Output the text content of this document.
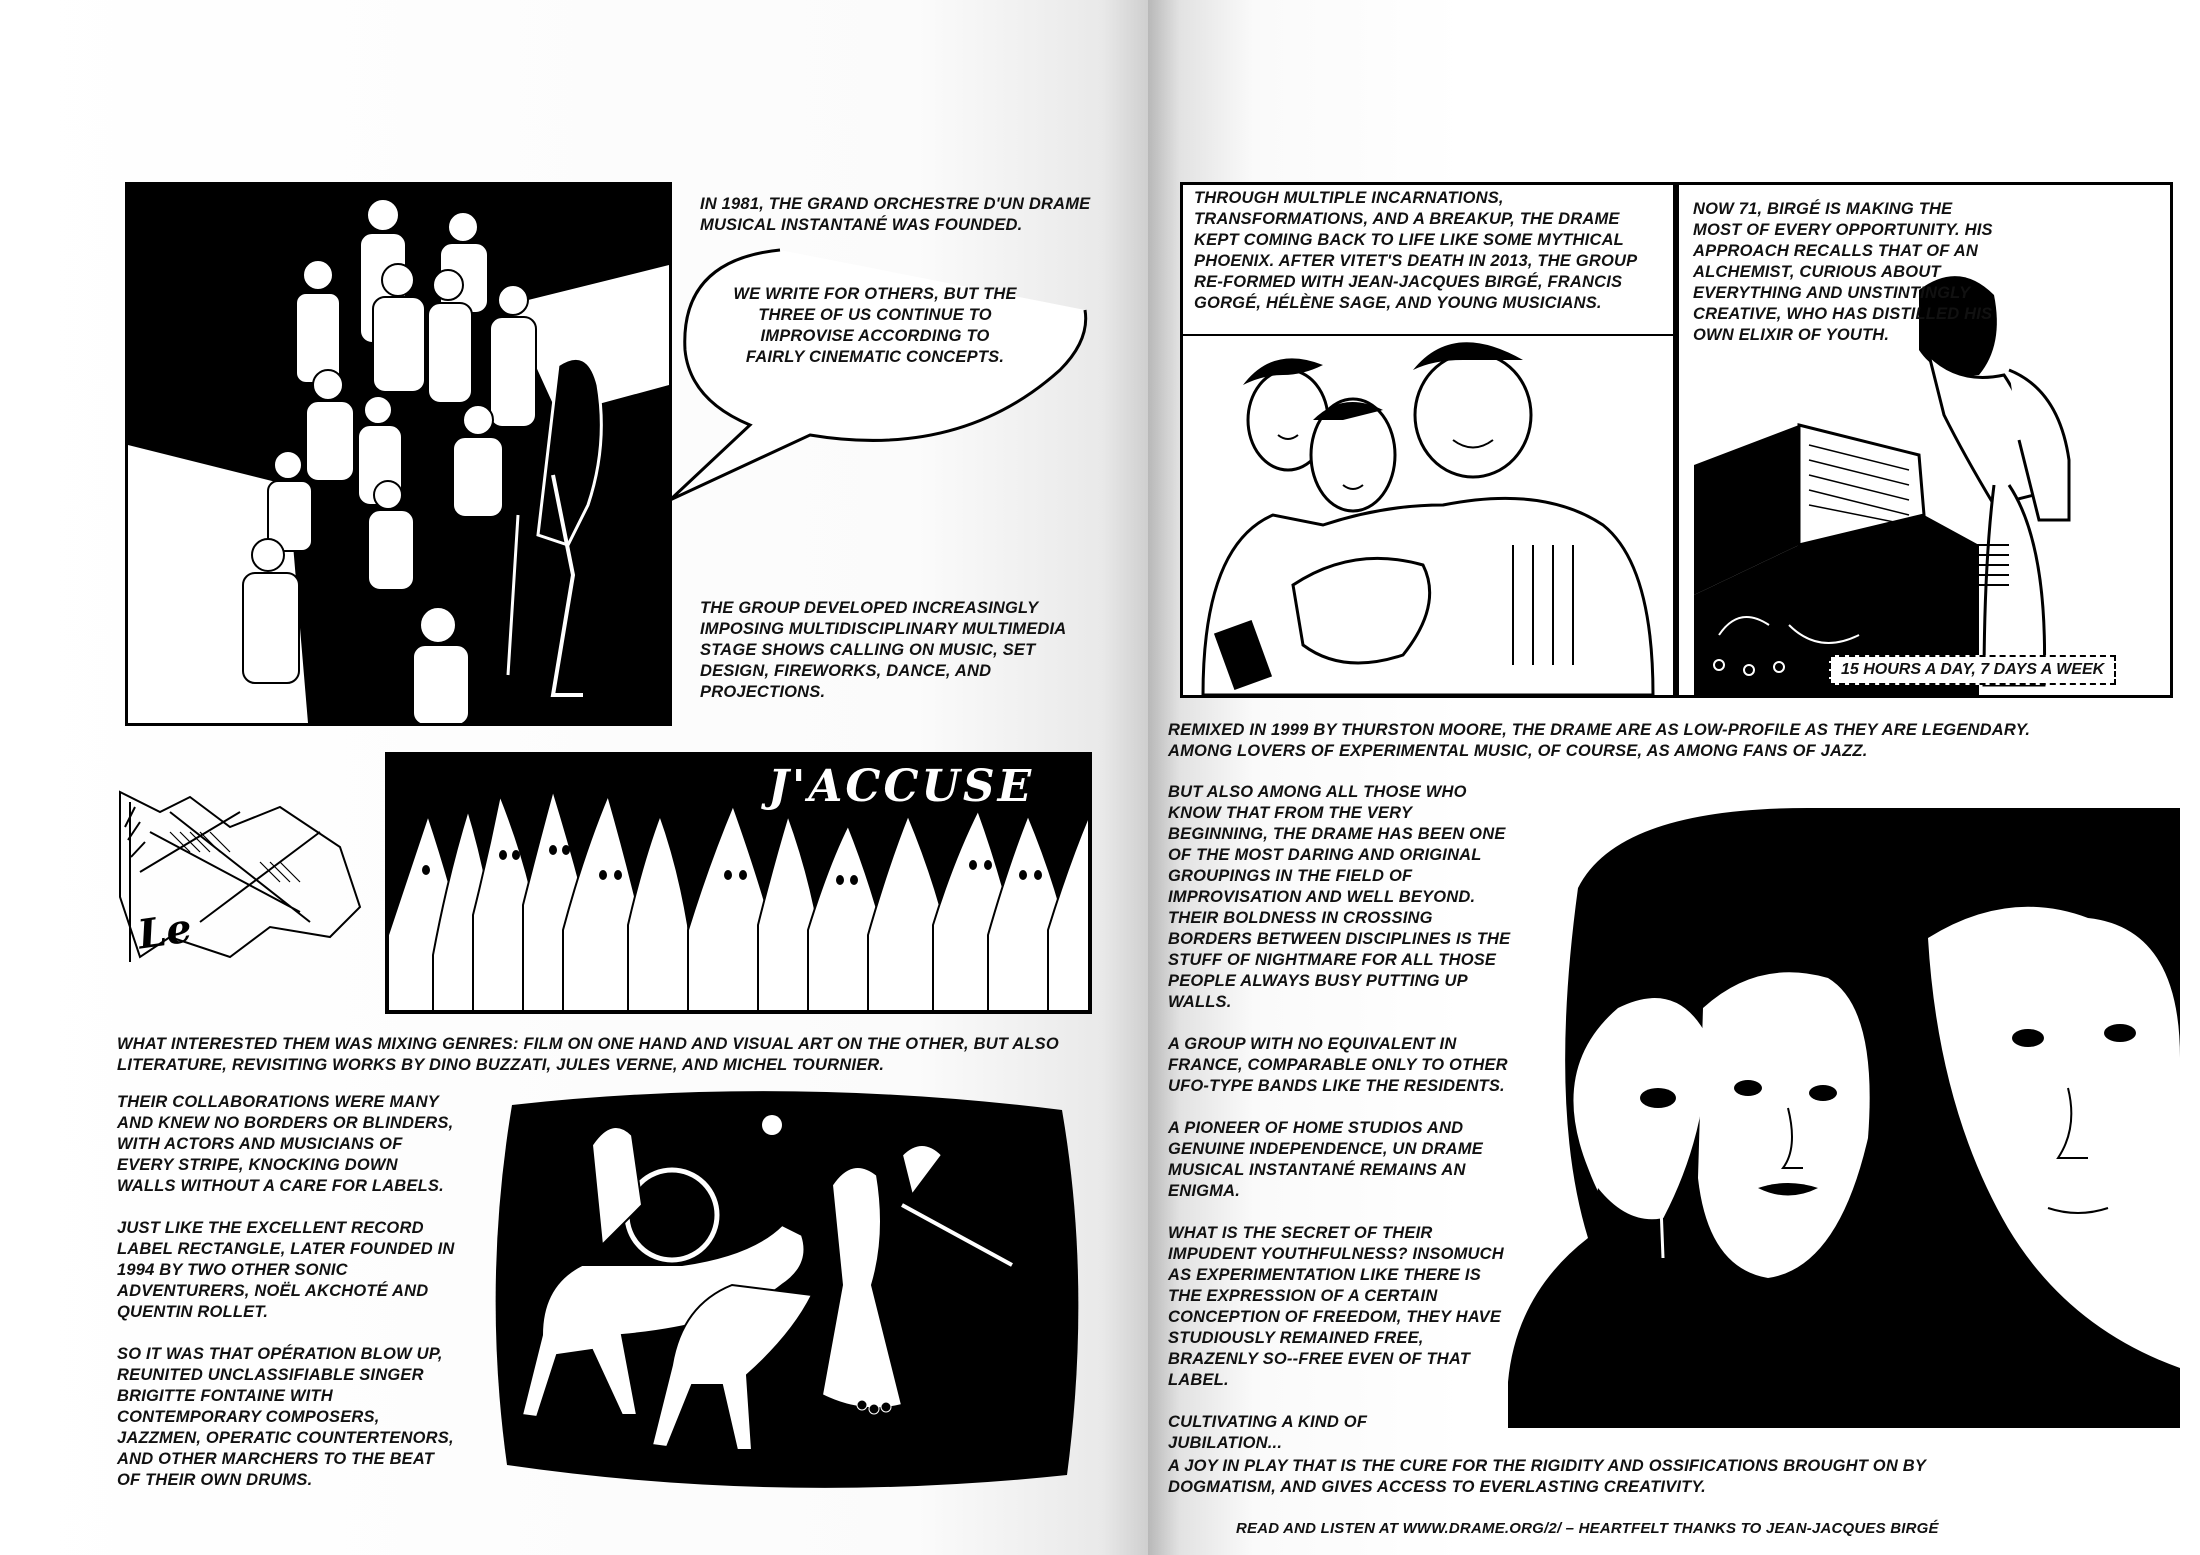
IN 1981, THE GRAND ORCHESTRE D'UN DRAME MUSICAL INSTANTANÉ WAS FOUNDED.
WE WRITE FOR OTHERS, BUT THE THREE OF US CONTINUE TO IMPROVISE ACCORDING TO FAIRLY CINEMATIC CONCEPTS.
THE GROUP DEVELOPED INCREASINGLY IMPOSING MULTIDISCIPLINARY MULTIMEDIA STAGE SHOWS CALLING ON MUSIC, SET DESIGN, FIREWORKS, DANCE, AND PROJECTIONS.
Le
J'ACCUSE
WHAT INTERESTED THEM WAS MIXING GENRES: FILM ON ONE HAND AND VISUAL ART ON THE OTHER, BUT ALSO LITERATURE, REVISITING WORKS BY DINO BUZZATI, JULES VERNE, AND MICHEL TOURNIER.

THEIR COLLABORATIONS WERE MANY AND KNEW NO BORDERS OR BLINDERS, WITH ACTORS AND MUSICIANS OF EVERY STRIPE, KNOCKING DOWN WALLS WITHOUT A CARE FOR LABELS.

JUST LIKE THE EXCELLENT RECORD LABEL RECTANGLE, LATER FOUNDED IN 1994 BY TWO OTHER SONIC ADVENTURERS, NOËL AKCHOTÉ AND QUENTIN ROLLET.

SO IT WAS THAT OPÉRATION BLOW UP, REUNITED UNCLASSIFIABLE SINGER BRIGITTE FONTAINE WITH CONTEMPORARY COMPOSERS, JAZZMEN, OPERATIC COUNTERTENORS, AND OTHER MARCHERS TO THE BEAT OF THEIR OWN DRUMS.

THROUGH MULTIPLE INCARNATIONS, TRANSFORMATIONS, AND A BREAKUP, THE DRAME KEPT COMING BACK TO LIFE LIKE SOME MYTHICAL PHOENIX. AFTER VITET'S DEATH IN 2013, THE GROUP RE-FORMED WITH JEAN-JACQUES BIRGÉ, FRANCIS GORGÉ, HÉLÈNE SAGE, AND YOUNG MUSICIANS.
NOW 71, BIRGÉ IS MAKING THE MOST OF EVERY OPPORTUNITY. HIS APPROACH RECALLS THAT OF AN ALCHEMIST, CURIOUS ABOUT EVERYTHING AND UNSTINTINGLY CREATIVE, WHO HAS DISTILLED HIS OWN ELIXIR OF YOUTH.
15 HOURS A DAY, 7 DAYS A WEEK
REMIXED IN 1999 BY THURSTON MOORE, THE DRAME ARE AS LOW-PROFILE AS THEY ARE LEGENDARY. AMONG LOVERS OF EXPERIMENTAL MUSIC, OF COURSE, AS AMONG FANS OF JAZZ.

BUT ALSO AMONG ALL THOSE WHO KNOW THAT FROM THE VERY BEGINNING, THE DRAME HAS BEEN ONE OF THE MOST DARING AND ORIGINAL GROUPINGS IN THE FIELD OF IMPROVISATION AND WELL BEYOND. THEIR BOLDNESS IN CROSSING BORDERS BETWEEN DISCIPLINES IS THE STUFF OF NIGHTMARE FOR ALL THOSE PEOPLE ALWAYS BUSY PUTTING UP WALLS.

A GROUP WITH NO EQUIVALENT IN FRANCE, COMPARABLE ONLY TO OTHER UFO-TYPE BANDS LIKE THE RESIDENTS.

A PIONEER OF HOME STUDIOS AND GENUINE INDEPENDENCE, UN DRAME MUSICAL INSTANTANÉ REMAINS AN ENIGMA.

WHAT IS THE SECRET OF THEIR IMPUDENT YOUTHFULNESS? INSOMUCH AS EXPERIMENTATION LIKE THERE IS THE EXPRESSION OF A CERTAIN CONCEPTION OF FREEDOM, THEY HAVE STUDIOUSLY REMAINED FREE, BRAZENLY SO--FREE EVEN OF THAT LABEL.

CULTIVATING A KIND OF JUBILATION...

A JOY IN PLAY THAT IS THE CURE FOR THE RIGIDITY AND OSSIFICATIONS BROUGHT ON BY DOGMATISM, AND GIVES ACCESS TO EVERLASTING CREATIVITY.
READ AND LISTEN AT WWW.DRAME.ORG/2/ – HEARTFELT THANKS TO JEAN-JACQUES BIRGÉ
